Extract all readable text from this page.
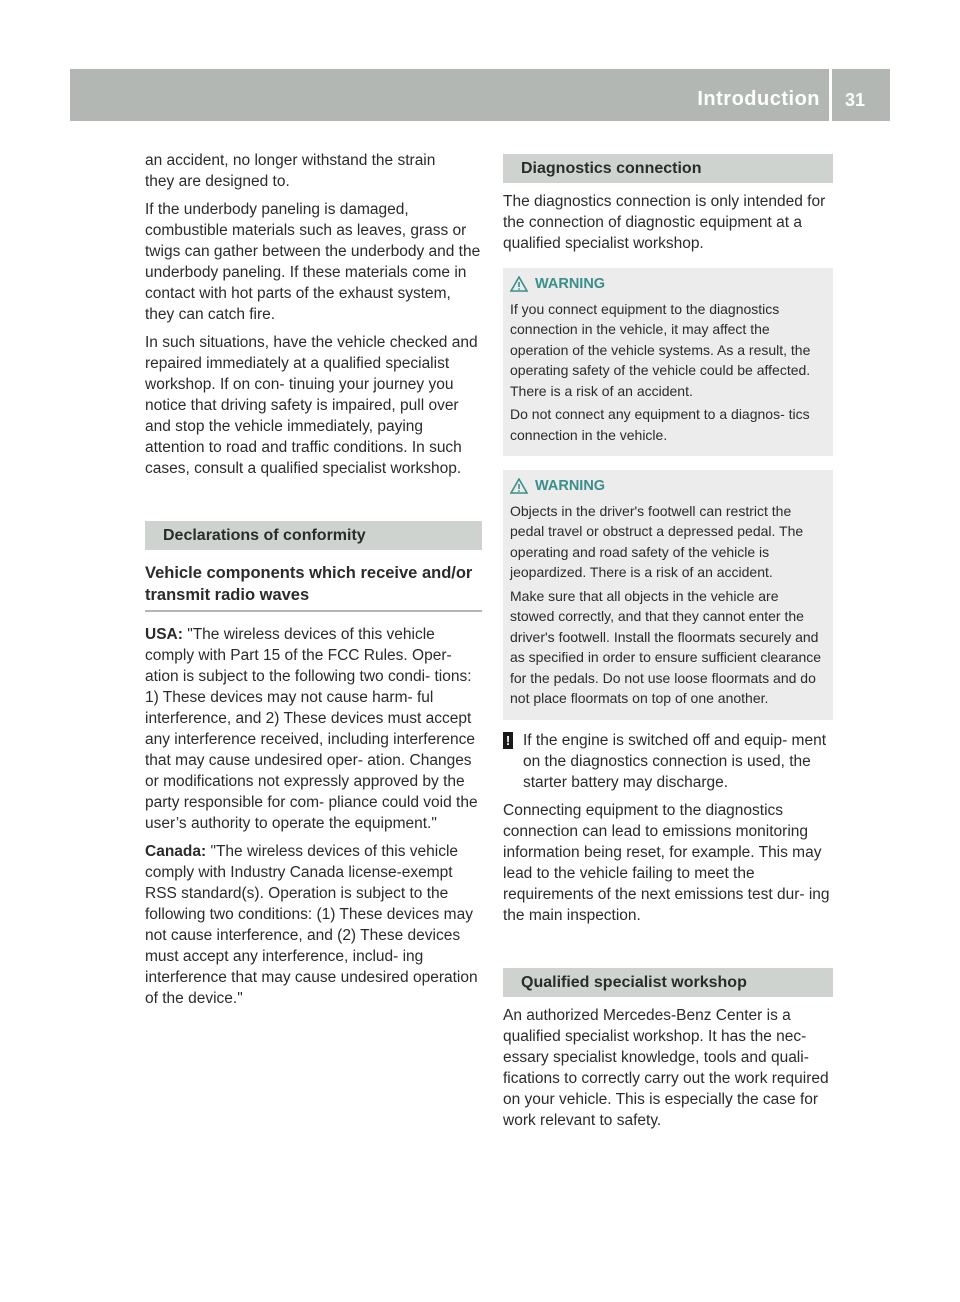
Introduction 31

an accident, no longer withstand the strain

they are designed to.

If the underbody paneling is damaged, combustible materials such as leaves, grass or twigs can gather between the underbody and the underbody paneling. If these materials come in contact with hot parts of the exhaust system, they can catch fire.

In such situations, have the vehicle checked and repaired immediately at a qualified specialist workshop. If on con- tinuing your journey you notice that driving safety is impaired, pull over and stop the vehicle immediately, paying attention to road and traffic conditions. In such cases, consult a qualified specialist workshop.

Declarations of conformity
Vehicle components which receive and/or transmit radio waves

USA: "The wireless devices of this vehicle comply with Part 15 of the FCC Rules. Oper- ation is subject to the following two condi- tions: 1) These devices may not cause harm- ful interference, and 2) These devices must accept any interference received, including interference that may cause undesired oper- ation. Changes or modifications not expressly approved by the party responsible for com- pliance could void the user’s authority to operate the equipment."

Canada: "The wireless devices of this vehicle comply with Industry Canada license-exempt RSS standard(s). Operation is subject to the following two conditions: (1) These devices may not cause interference, and (2) These devices must accept any interference, includ- ing interference that may cause undesired operation of the device."

Diagnostics connection

The diagnostics connection is only intended for the connection of diagnostic equipment at a qualified specialist workshop.

WARNING

If you connect equipment to the diagnostics connection in the vehicle, it may affect the operation of the vehicle systems. As a result, the operating safety of the vehicle could be affected. There is a risk of an accident.

Do not connect any equipment to a diagnos- tics connection in the vehicle.

WARNING

Objects in the driver's footwell can restrict the pedal travel or obstruct a depressed pedal. The operating and road safety of the vehicle is jeopardized. There is a risk of an accident.

Make sure that all objects in the vehicle are stowed correctly, and that they cannot enter the driver's footwell. Install the floormats securely and as specified in order to ensure sufficient clearance for the pedals. Do not use loose floormats and do not place floormats on top of one another.

! If the engine is switched off and equip- ment on the diagnostics connection is used, the starter battery may discharge.

Connecting equipment to the diagnostics connection can lead to emissions monitoring information being reset, for example. This may lead to the vehicle failing to meet the requirements of the next emissions test dur- ing the main inspection.

Qualified specialist workshop

An authorized Mercedes-Benz Center is a qualified specialist workshop. It has the nec- essary specialist knowledge, tools and quali- fications to correctly carry out the work required on your vehicle. This is especially the case for work relevant to safety.
